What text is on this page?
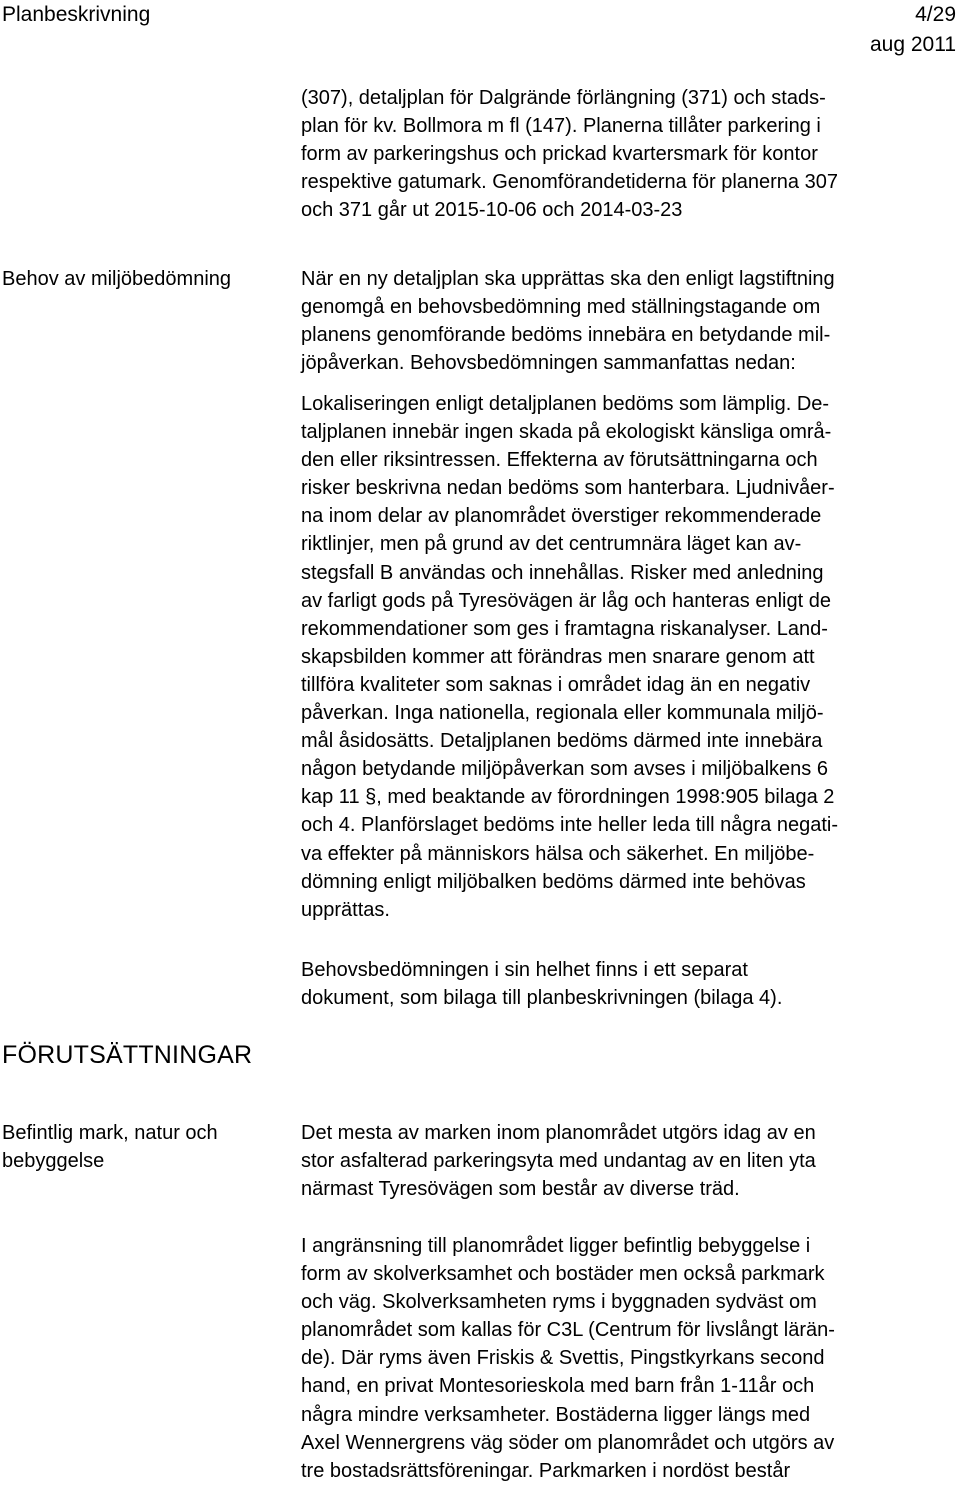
Planbeskrivning	4/29
aug 2011
(307), detaljplan för Dalgrände förlängning (371) och stads-
plan för kv. Bollmora m fl (147). Planerna tillåter parkering i
form av parkeringshus och prickad kvartersmark för kontor
respektive gatumark. Genomförandetiderna för planerna 307
och 371 går ut 2015-10-06 och 2014-03-23
Behov av miljöbedömning	När en ny detaljplan ska upprättas ska den enligt lagstiftning
genomgå en behovsbedömning med ställningstagande om
planens genomförande bedöms innebära en betydande mil-
jöpåverkan. Behovsbedömningen sammanfattas nedan:
Lokaliseringen enligt detaljplanen bedöms som lämplig. De-
taljplanen innebär ingen skada på ekologiskt känsliga områ-
den eller riksintressen. Effekterna av förutsättningarna och
risker beskrivna nedan bedöms som hanterbara. Ljudnivåer-
na inom delar av planområdet överstiger rekommenderade
riktlinjer, men på grund av det centrumnära läget kan av-
stegsfall B användas och innehållas. Risker med anledning
av farligt gods på Tyresövägen är låg och hanteras enligt de
rekommendationer som ges i framtagna riskanalyser. Land-
skapsbilden kommer att förändras men snarare genom att
tillföra kvaliteter som saknas i området idag än en negativ
påverkan. Inga nationella, regionala eller kommunala miljö-
mål åsidosätts. Detaljplanen bedöms därmed inte innebära
någon betydande miljöpåverkan som avses i miljöbalkens 6
kap 11 §, med beaktande av förordningen 1998:905 bilaga 2
och 4. Planförslaget bedöms inte heller leda till några negati-
va effekter på människors hälsa och säkerhet. En miljöbe-
dömning enligt miljöbalken bedöms därmed inte behövas
upprättas.
Behovsbedömningen i sin helhet finns i ett separat
dokument, som bilaga till planbeskrivningen (bilaga 4).
FÖRUTSÄTTNINGAR
Befintlig mark, natur och
bebyggelse
Det mesta av marken inom planområdet utgörs idag av en
stor asfalterad parkeringsyta med undantag av en liten yta
närmast Tyresövägen som består av diverse träd.
I angränsning till planområdet ligger befintlig bebyggelse i
form av skolverksamhet och bostäder men också parkmark
och väg. Skolverksamheten ryms i byggnaden sydväst om
planområdet som kallas för C3L (Centrum för livslångt lärän-
de). Där ryms även Friskis & Svettis, Pingstkyrkans second
hand, en privat Montesorieskola med barn från 1-11år och
några mindre verksamheter. Bostäderna ligger längs med
Axel Wennergrens väg söder om planområdet och utgörs av
tre bostadsrättsföreningar. Parkmarken i nordöst består
